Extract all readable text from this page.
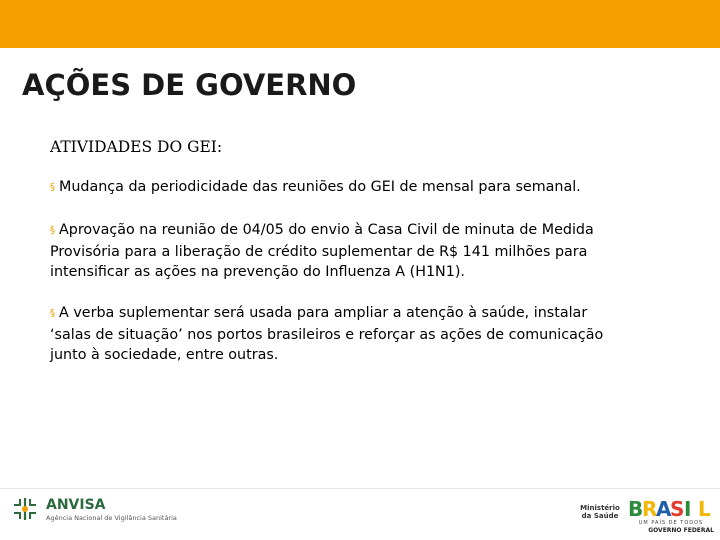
AÇÕES DE GOVERNO
ATIVIDADES DO GEI:
§ Mudança da periodicidade das reuniões do GEI de mensal para semanal.
§ Aprovação na reunião de 04/05 do envio à Casa Civil de minuta de Medida
Provisória para a liberação de crédito suplementar de R$ 141 milhões para
intensificar as ações na prevenção do Influenza A (H1N1).
§ A verba suplementar será usada para ampliar a atenção à saúde, instalar
‘salas de situação’ nos portos brasileiros e reforçar as ações de comunicação
junto à sociedade, entre outras.
ANVISA
Agência Nacional de Vigilância Sanitária
Ministério
da Saúde B
R
A
S I L
UM PAÍS DE TODOS
GOVERNO FEDERAL
